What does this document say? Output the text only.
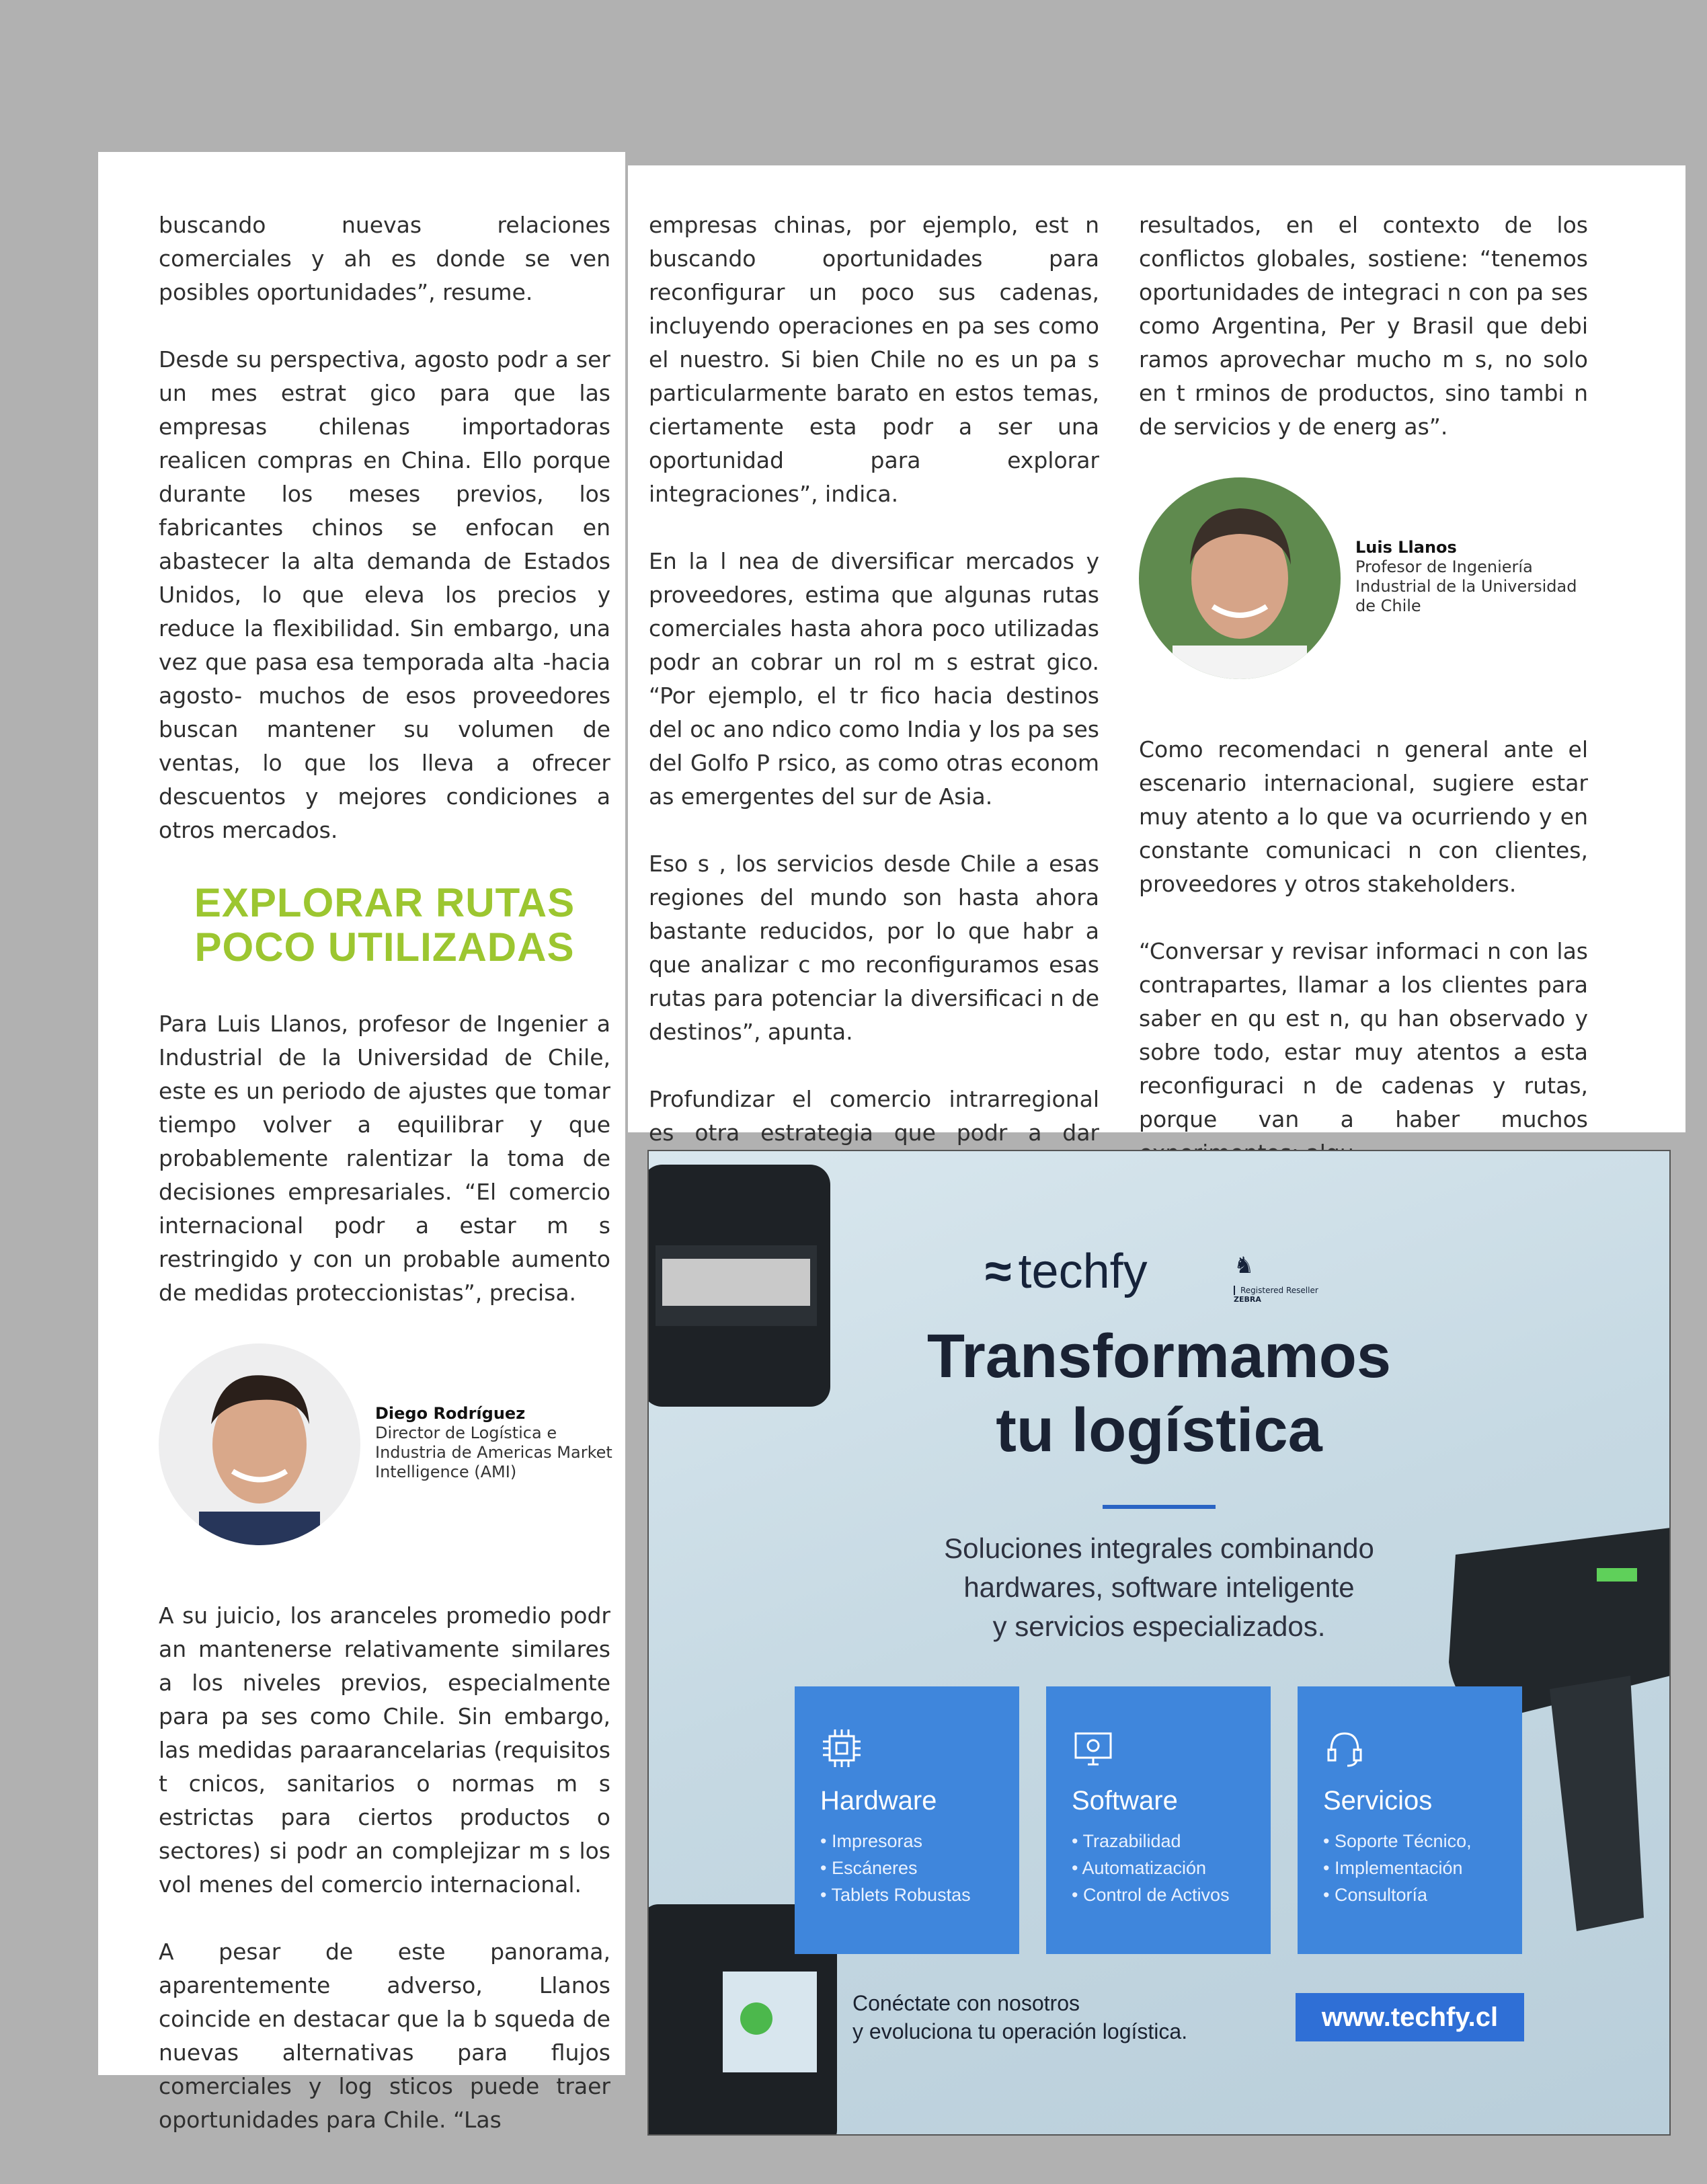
buscando nuevas relaciones comerciales y ah es donde se ven posibles oportunidades”, resume.

Desde su perspectiva, agosto podr a ser un mes estrat gico para que las empresas chilenas importadoras realicen compras en China. Ello porque durante los meses previos, los fabricantes chinos se enfocan en abastecer la alta demanda de Estados Unidos, lo que eleva los precios y reduce la flexibilidad. Sin embargo, una vez que pasa esa temporada alta -hacia agosto- muchos de esos proveedores buscan mantener su volumen de ventas, lo que los lleva a ofrecer descuentos y mejores condiciones a otros mercados.

EXPLORAR RUTAS
POCO UTILIZADAS

Para Luis Llanos, profesor de Ingenier a Industrial de la Universidad de Chile, este es un periodo de ajustes que tomar tiempo volver a equilibrar y que probablemente ralentizar la toma de decisiones empresariales. “El comercio internacional podr a estar m s restringido y con un probable aumento de medidas proteccionistas”, precisa.

Diego Rodríguez
Director de Logística e Industria de Americas Market Intelligence (AMI)

A su juicio, los aranceles promedio podr an mantenerse relativamente similares a los niveles previos, especialmente para pa ses como Chile. Sin embargo, las medidas paraarancelarias (requisitos t cnicos, sanitarios o normas m s estrictas para ciertos productos o sectores) si podr an complejizar m s los vol menes del comercio internacional.

A pesar de este panorama, aparentemente adverso, Llanos coincide en destacar que la b squeda de nuevas alternativas para flujos comerciales y log sticos puede traer oportunidades para Chile. “Las

empresas chinas, por ejemplo, est n buscando oportunidades para reconfigurar un poco sus cadenas, incluyendo operaciones en pa ses como el nuestro. Si bien Chile no es un pa s particularmente barato en estos temas, ciertamente esta podr a ser una oportunidad para explorar integraciones”, indica.

En la l nea de diversificar mercados y proveedores, estima que algunas rutas comerciales hasta ahora poco utilizadas podr an cobrar un rol m s estrat gico. “Por ejemplo, el tr fico hacia destinos del oc ano ndico como India y los pa ses del Golfo P rsico, as como otras econom as emergentes del sur de Asia.

Eso s , los servicios desde Chile a esas regiones del mundo son hasta ahora bastante reducidos, por lo que habr a que analizar c mo reconfiguramos esas rutas para potenciar la diversificaci n de destinos”, apunta.

Profundizar el comercio intrarregional es otra estrategia que podr a dar

resultados, en el contexto de los conflictos globales, sostiene: “tenemos oportunidades de integraci n con pa ses como Argentina, Per y Brasil que debi ramos aprovechar mucho m s, no solo en t rminos de productos, sino tambi n de servicios y de energ as”.

Luis Llanos
Profesor de Ingeniería Industrial de la Universidad de Chile

Como recomendaci n general ante el escenario internacional, sugiere estar muy atento a lo que va ocurriendo y en constante comunicaci n con clientes, proveedores y otros stakeholders.

“Conversar y revisar informaci n con las contrapartes, llamar a los clientes para saber en qu est n, qu han observado y sobre todo, estar muy atentos a esta reconfiguraci n de cadenas y rutas, porque van a haber muchos

≈ techfy	♞Registered Reseller
ZEBRA
Transformamos
tu logística
Soluciones integrales combinando
hardwares, software inteligente
y servicios especializados.
Hardware
• Impresoras
• Escáneres
• Tablets Robustas
Software
• Trazabilidad
• Automatización
• Control de Activos
Servicios
• Soporte Técnico,
• Implementación
• Consultoría
Conéctate con nosotros
y evoluciona tu operación logística.	www.techfy.cl
